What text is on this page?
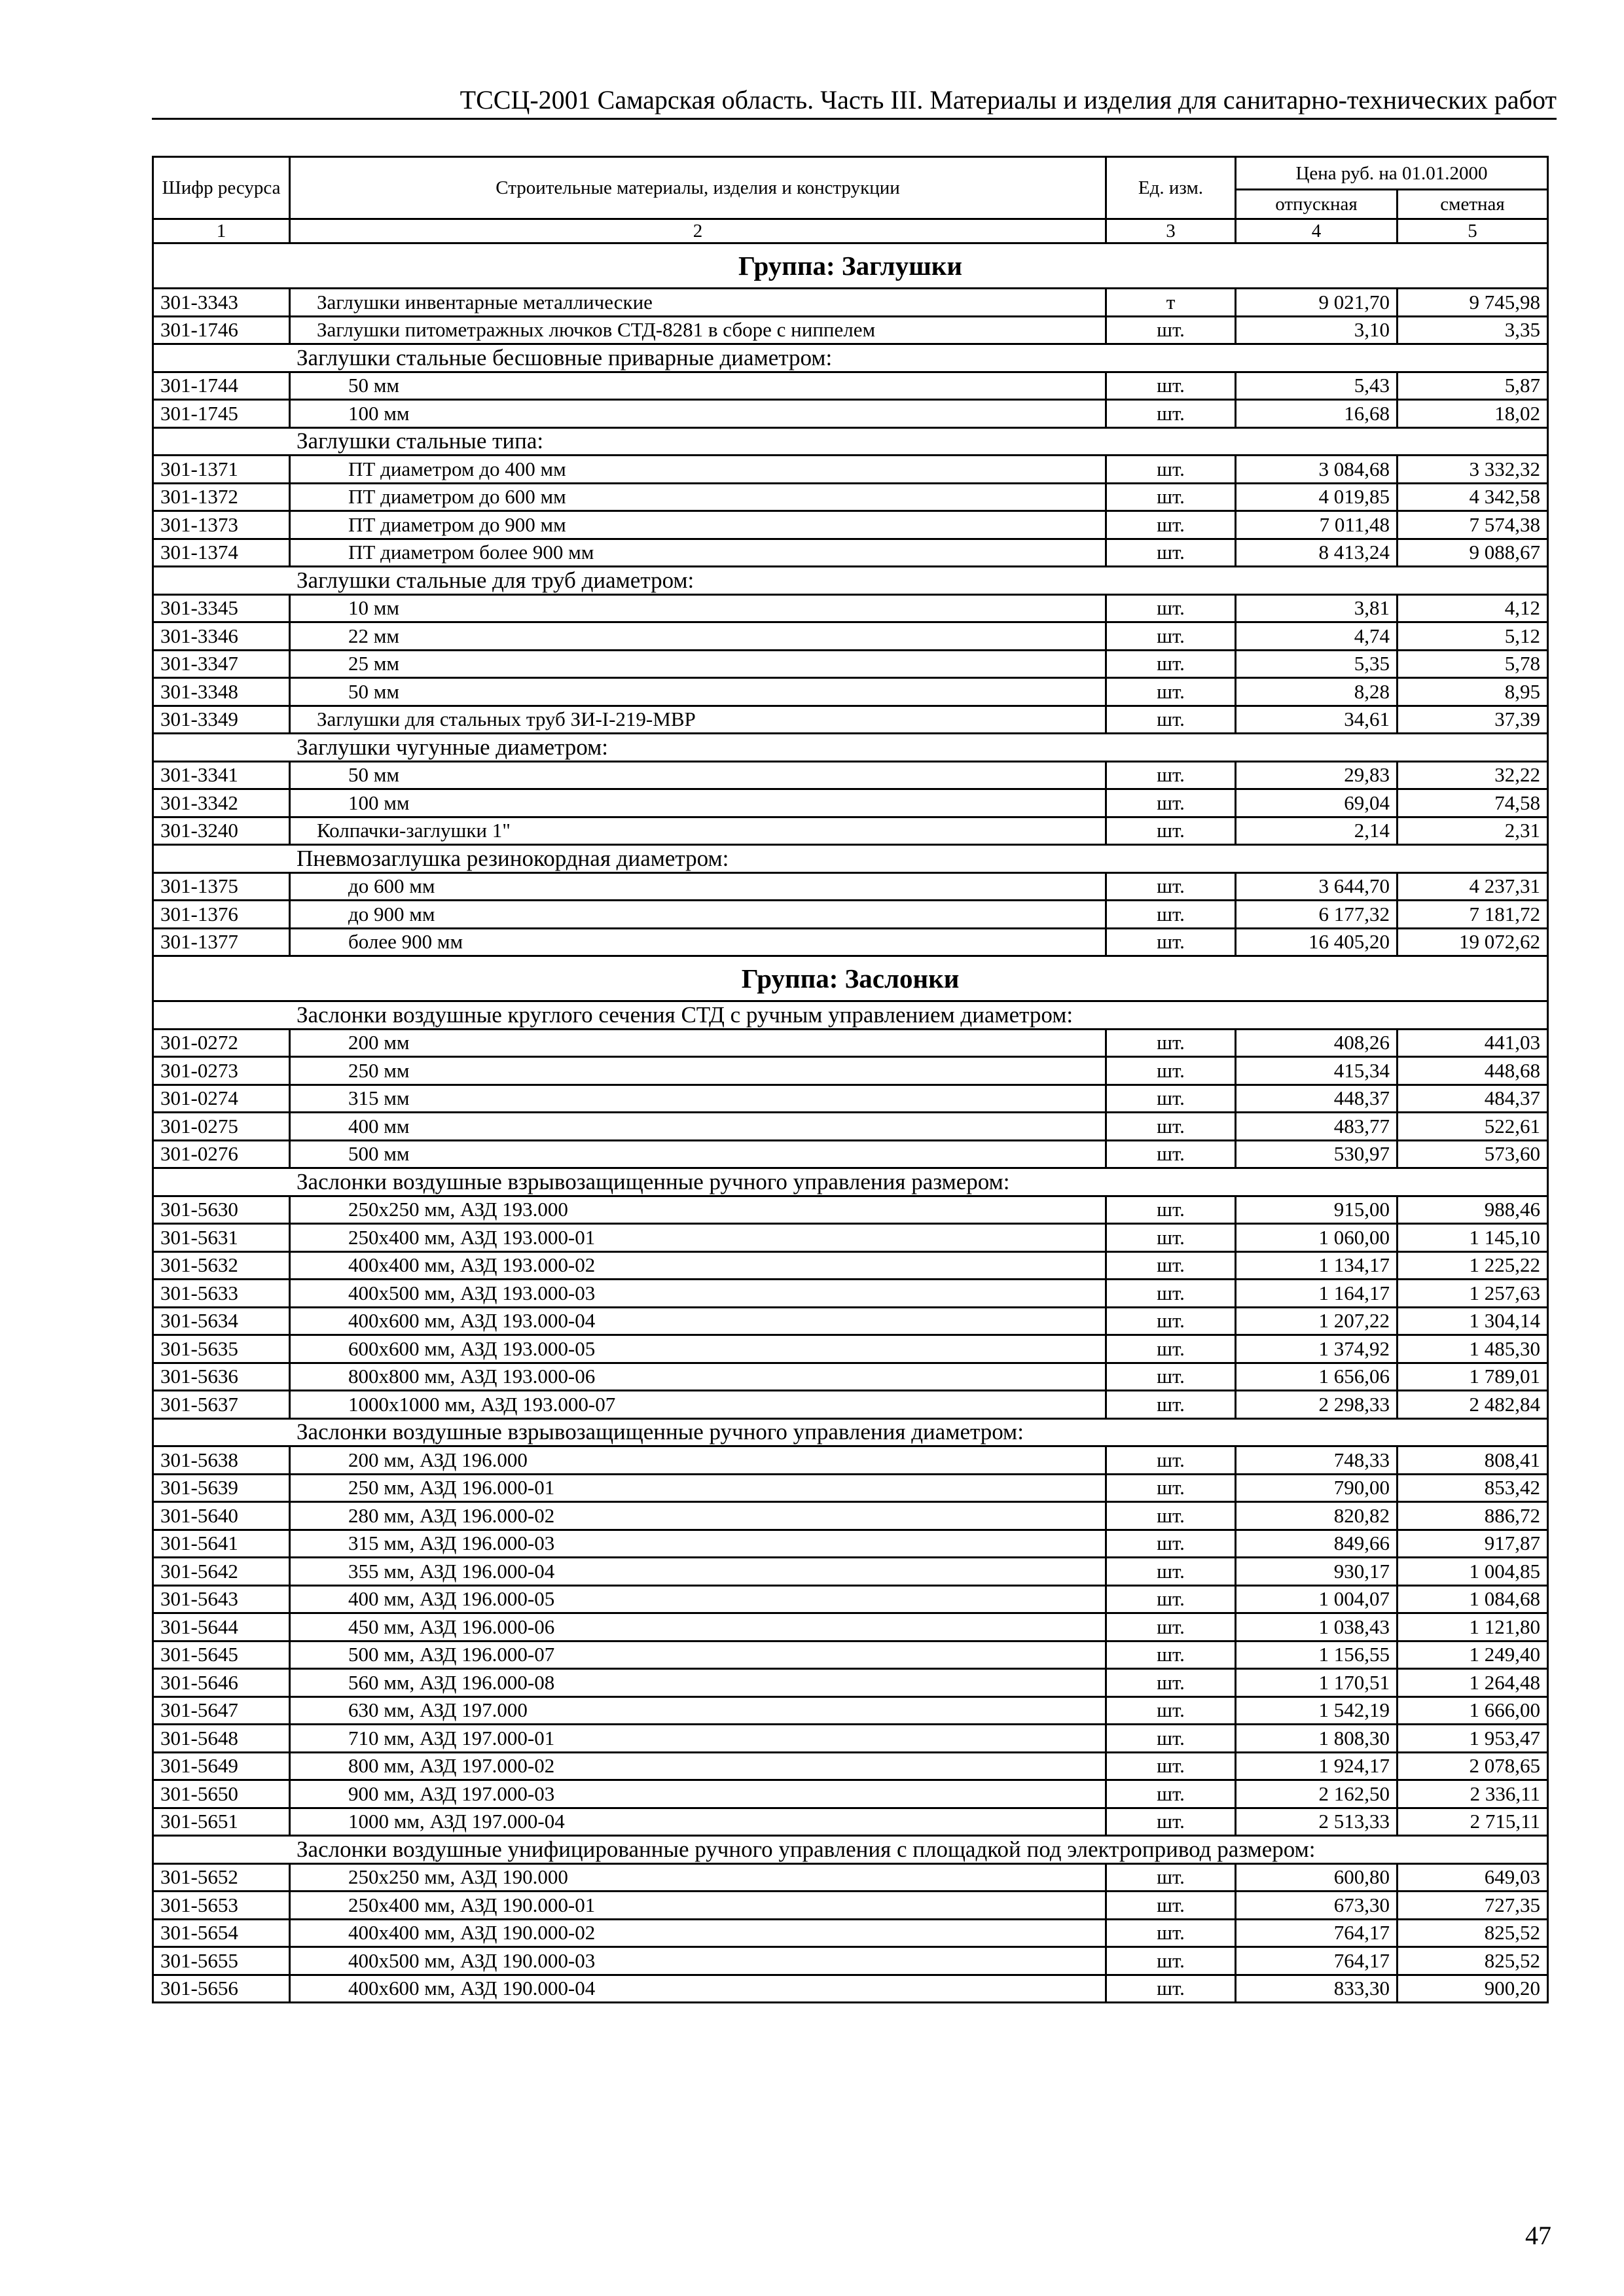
ТССЦ-2001 Самарская область. Часть III. Материалы и изделия для санитарно-технических работ
Шифр ресурса	Строительные материалы, изделия и конструкции	Ед. изм.	Цена руб. на 01.01.2000	
			отпускная	сметная
1	2	3	4	5
Группа: Заглушки				
301-3343	Заглушки инвентарные металлические	т	9 021,70	9 745,98
301-1746	Заглушки питометражных лючков СТД-8281 в сборе с ниппелем	шт.	3,10	3,35
Заглушки стальные бесшовные приварные диаметром:				
301-1744	50 мм	шт.	5,43	5,87
301-1745	100 мм	шт.	16,68	18,02
Заглушки стальные типа:				
301-1371	ПТ диаметром до 400 мм	шт.	3 084,68	3 332,32
301-1372	ПТ диаметром до 600 мм	шт.	4 019,85	4 342,58
301-1373	ПТ диаметром до 900 мм	шт.	7 011,48	7 574,38
301-1374	ПТ диаметром более 900 мм	шт.	8 413,24	9 088,67
Заглушки стальные для труб диаметром:				
301-3345	10 мм	шт.	3,81	4,12
301-3346	22 мм	шт.	4,74	5,12
301-3347	25 мм	шт.	5,35	5,78
301-3348	50 мм	шт.	8,28	8,95
301-3349	Заглушки для стальных труб ЗИ-I-219-МВР	шт.	34,61	37,39
Заглушки чугунные диаметром:				
301-3341	50 мм	шт.	29,83	32,22
301-3342	100 мм	шт.	69,04	74,58
301-3240	Колпачки-заглушки 1"	шт.	2,14	2,31
Пневмозаглушка резинокордная диаметром:				
301-1375	до 600 мм	шт.	3 644,70	4 237,31
301-1376	до 900 мм	шт.	6 177,32	7 181,72
301-1377	более 900 мм	шт.	16 405,20	19 072,62
Группа: Заслонки				
Заслонки воздушные круглого сечения СТД с ручным управлением диаметром:				
301-0272	200 мм	шт.	408,26	441,03
301-0273	250 мм	шт.	415,34	448,68
301-0274	315 мм	шт.	448,37	484,37
301-0275	400 мм	шт.	483,77	522,61
301-0276	500 мм	шт.	530,97	573,60
Заслонки воздушные взрывозащищенные ручного управления размером:				
301-5630	250х250 мм, АЗД 193.000	шт.	915,00	988,46
301-5631	250х400 мм, АЗД 193.000-01	шт.	1 060,00	1 145,10
301-5632	400х400 мм, АЗД 193.000-02	шт.	1 134,17	1 225,22
301-5633	400х500 мм, АЗД 193.000-03	шт.	1 164,17	1 257,63
301-5634	400х600 мм, АЗД 193.000-04	шт.	1 207,22	1 304,14
301-5635	600х600 мм, АЗД 193.000-05	шт.	1 374,92	1 485,30
301-5636	800х800 мм, АЗД 193.000-06	шт.	1 656,06	1 789,01
301-5637	1000х1000 мм, АЗД 193.000-07	шт.	2 298,33	2 482,84
Заслонки воздушные взрывозащищенные ручного управления диаметром:				
301-5638	200 мм, АЗД 196.000	шт.	748,33	808,41
301-5639	250 мм, АЗД 196.000-01	шт.	790,00	853,42
301-5640	280 мм, АЗД 196.000-02	шт.	820,82	886,72
301-5641	315 мм, АЗД 196.000-03	шт.	849,66	917,87
301-5642	355 мм, АЗД 196.000-04	шт.	930,17	1 004,85
301-5643	400 мм, АЗД 196.000-05	шт.	1 004,07	1 084,68
301-5644	450 мм, АЗД 196.000-06	шт.	1 038,43	1 121,80
301-5645	500 мм, АЗД 196.000-07	шт.	1 156,55	1 249,40
301-5646	560 мм, АЗД 196.000-08	шт.	1 170,51	1 264,48
301-5647	630 мм, АЗД 197.000	шт.	1 542,19	1 666,00
301-5648	710 мм, АЗД 197.000-01	шт.	1 808,30	1 953,47
301-5649	800 мм, АЗД 197.000-02	шт.	1 924,17	2 078,65
301-5650	900 мм, АЗД 197.000-03	шт.	2 162,50	2 336,11
301-5651	1000 мм, АЗД 197.000-04	шт.	2 513,33	2 715,11
Заслонки воздушные унифицированные ручного управления с площадкой под электропривод размером:				
301-5652	250х250 мм, АЗД 190.000	шт.	600,80	649,03
301-5653	250х400 мм, АЗД 190.000-01	шт.	673,30	727,35
301-5654	400х400 мм, АЗД 190.000-02	шт.	764,17	825,52
301-5655	400х500 мм, АЗД 190.000-03	шт.	764,17	825,52
301-5656	400х600 мм, АЗД 190.000-04	шт.	833,30	900,20
47
